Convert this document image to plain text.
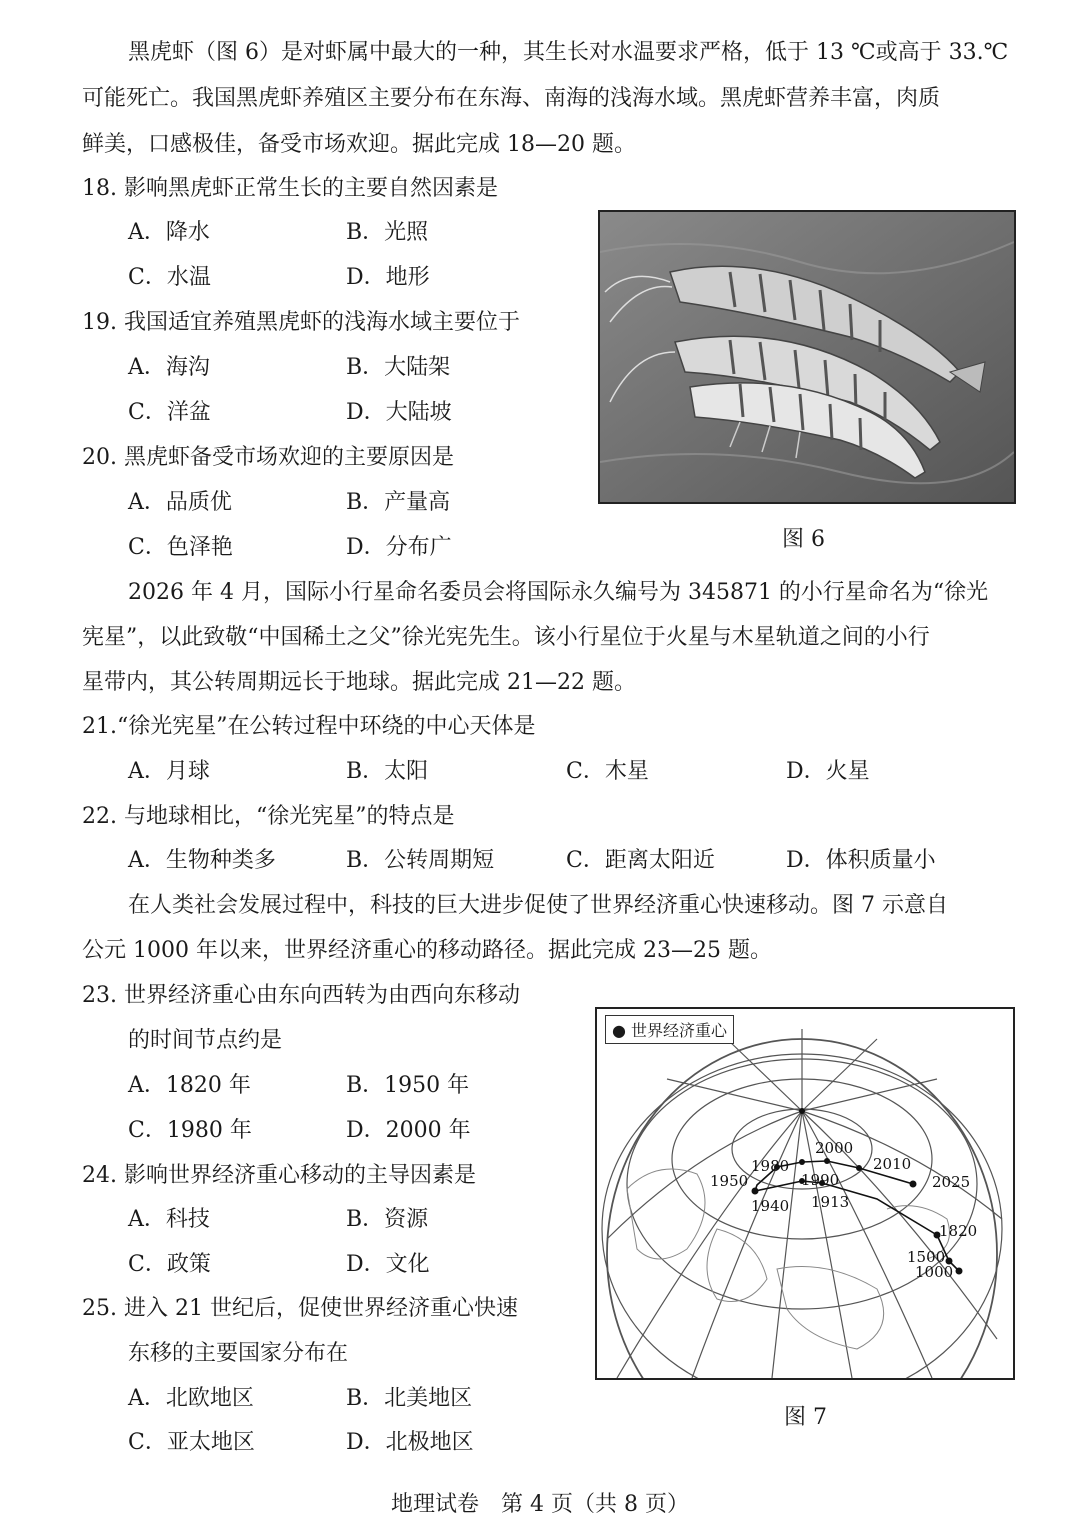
黑虎虾（图 6）是对虾属中最大的一种，其生长对水温要求严格，低于 13 ℃或高于 33.℃
可能死亡。我国黑虎虾养殖区主要分布在东海、南海的浅海水域。黑虎虾营养丰富，肉质
鲜美，口感极佳，备受市场欢迎。据此完成 18—20 题。
18. 影响黑虎虾正常生长的主要自然因素是
A．降水	B．光照
C．水温	D．地形
19. 我国适宜养殖黑虎虾的浅海水域主要位于
A．海沟	B．大陆架
C．洋盆	D．大陆坡
20. 黑虎虾备受市场欢迎的主要原因是
A．品质优	B．产量高
C．色泽艳	D．分布广	图 6
2026 年 4 月，国际小行星命名委员会将国际永久编号为 345871 的小行星命名为“徐光
宪星”，以此致敬“中国稀土之父”徐光宪先生。该小行星位于火星与木星轨道之间的小行
星带内，其公转周期远长于地球。据此完成 21—22 题。
21.“徐光宪星”在公转过程中环绕的中心天体是
A．月球	B．太阳	C．木星	D．火星
22. 与地球相比，“徐光宪星”的特点是
A．生物种类多	B．公转周期短	C．距离太阳近	D．体积质量小
在人类社会发展过程中，科技的巨大进步促使了世界经济重心快速移动。图 7 示意自
公元 1000 年以来，世界经济重心的移动路径。据此完成 23—25 题。
23. 世界经济重心由东向西转为由西向东移动
的时间节点约是
A．1820 年	B．1950 年
C．1980 年	D．2000 年
24. 影响世界经济重心移动的主导因素是
A．科技	B．资源
C．政策	D．文化
25. 进入 21 世纪后，促使世界经济重心快速
东移的主要国家分布在
A．北欧地区	B．北美地区
C．亚太地区	D．北极地区
1000
1500
1820
1913
1940
1950
1980
1990
2000
2010
2025
● 世界经济重心
图 7
地理试卷　第 4 页（共 8 页）
